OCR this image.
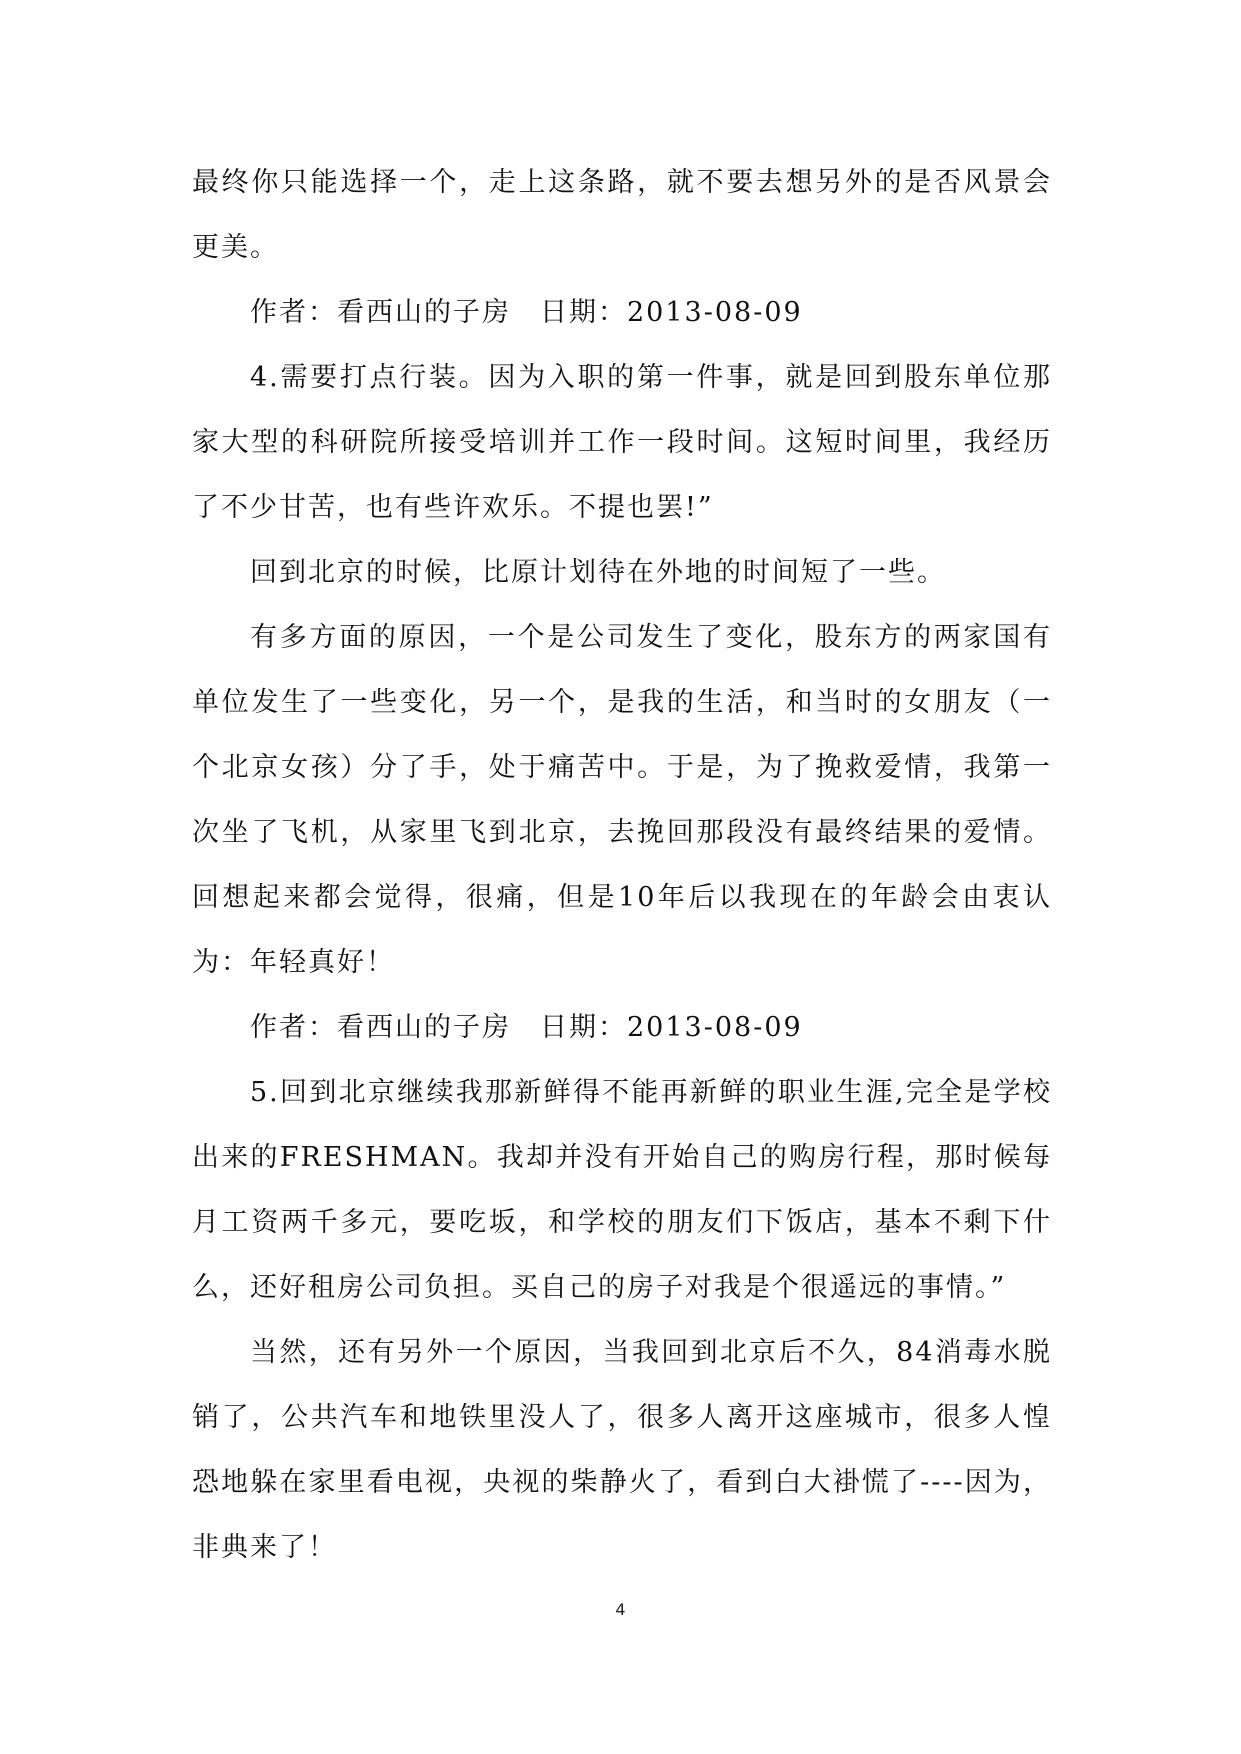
最终你只能选择一个，走上这条路，就不要去想另外的是否风景会更美。

作者：看西山的子房　日期：2013-08-09

4.需要打点行装。因为入职的第一件事，就是回到股东单位那家大型的科研院所接受培训并工作一段时间。这短时间里，我经历了不少甘苦，也有些许欢乐。不提也罢!”

回到北京的时候，比原计划待在外地的时间短了一些。

有多方面的原因，一个是公司发生了变化，股东方的两家国有单位发生了一些变化，另一个，是我的生活，和当时的女朋友（一个北京女孩）分了手，处于痛苦中。于是，为了挽救爱情，我第一次坐了飞机，从家里飞到北京，去挽回那段没有最终结果的爱情。回想起来都会觉得，很痛，但是10年后以我现在的年龄会由衷认为：年轻真好！

作者：看西山的子房　日期：2013-08-09

5.回到北京继续我那新鲜得不能再新鲜的职业生涯,完全是学校出来的FRESHMAN。我却并没有开始自己的购房行程，那时候每月工资两千多元，要吃坂，和学校的朋友们下饭店，基本不剩下什么，还好租房公司负担。买自己的房子对我是个很遥远的事情。”

当然，还有另外一个原因，当我回到北京后不久，84消毒水脱销了，公共汽车和地铁里没人了，很多人离开这座城市，很多人惶恐地躲在家里看电视，央视的柴静火了，看到白大褂慌了----因为，非典来了！

4
